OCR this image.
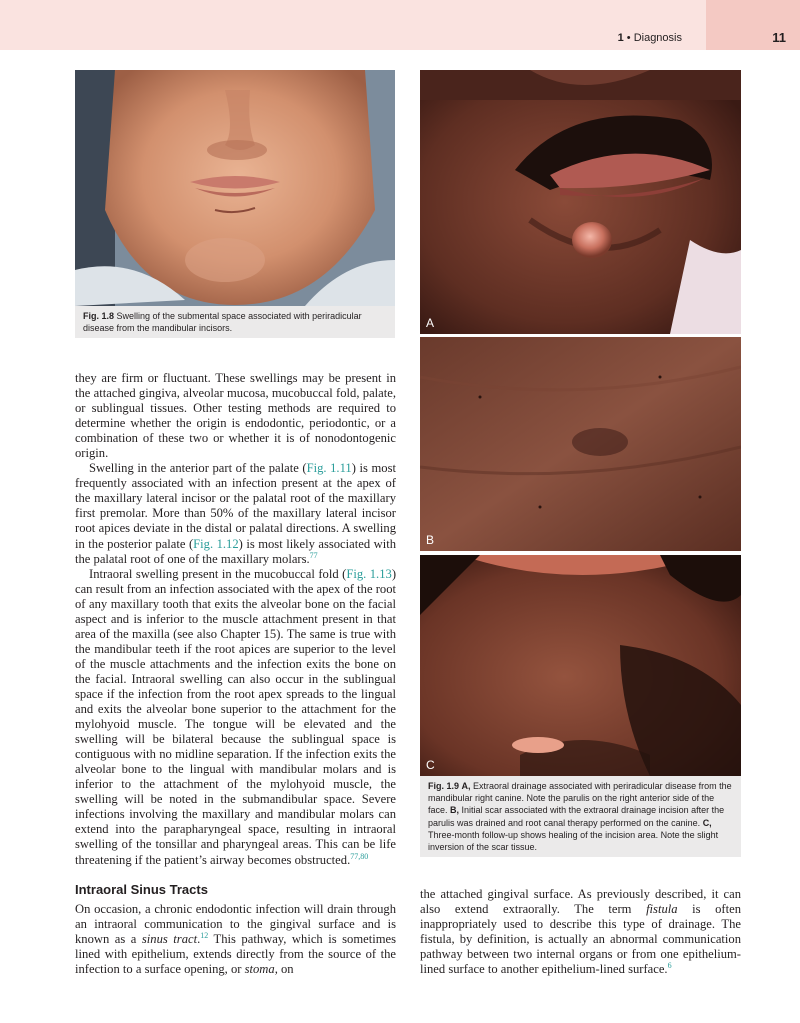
1 • Diagnosis	11
Fig. 1.8 Swelling of the submental space associated with periradicular disease from the mandibular incisors.	A
B
C
Fig. 1.9 A, Extraoral drainage associated with periradicular disease from the mandibular right canine. Note the parulis on the right anterior side of the face. B, Initial scar associated with the extraoral drainage incision after the parulis was drained and root canal therapy performed on the canine. C, Three-month follow-up shows healing of the incision area. Note the slight inversion of the scar tissue.

they are firm or fluctuant. These swellings may be present in the attached gingiva, alveolar mucosa, mucobuccal fold, palate, or sublingual tissues. Other testing methods are required to determine whether the origin is endodontic, periodontic, or a combination of these two or whether it is of nonodontogenic origin.

Swelling in the anterior part of the palate (Fig. 1.11) is most frequently associated with an infection present at the apex of the maxillary lateral incisor or the palatal root of the maxillary first premolar. More than 50% of the maxillary lateral incisor root apices deviate in the distal or palatal directions. A swelling in the posterior palate (Fig. 1.12) is most likely associated with the palatal root of one of the maxillary molars.$^{77}$

Intraoral swelling present in the mucobuccal fold (Fig. 1.13) can result from an infection associated with the apex of the root of any maxillary tooth that exits the alveolar bone on the facial aspect and is inferior to the muscle attachment present in that area of the maxilla (see also Chapter 15). The same is true with the mandibular teeth if the root apices are superior to the level of the muscle attachments and the infection exits the bone on the facial. Intraoral swelling can also occur in the sublingual space if the infection from the root apex spreads to the lingual and exits the alveolar bone superior to the attachment for the mylohyoid muscle. The tongue will be elevated and the swelling will be bilateral because the sublingual space is contiguous with no midline separation. If the infection exits the alveolar bone to the lingual with mandibular molars and is inferior to the attachment of the mylohyoid muscle, the swelling will be noted in the submandibular space. Severe infections involving the maxillary and mandibular molars can extend into the parapharyngeal space, resulting in intraoral swelling of the tonsillar and pharyngeal areas. This can be life threatening if the patient’s airway becomes obstructed.$^{77,80}$

Intraoral Sinus Tracts

On occasion, a chronic endodontic infection will drain through an intraoral communication to the gingival surface and is known as a sinus tract.$^{12}$ This pathway, which is sometimes lined with epithelium, extends directly from the source of the infection to a surface opening, or stoma, on

the attached gingival surface. As previously described, it can also extend extraorally. The term fistula is often inappropriately used to describe this type of drainage. The fistula, by definition, is actually an abnormal communication pathway between two internal organs or from one epithelium-lined surface to another epithelium-lined surface.$^6$
